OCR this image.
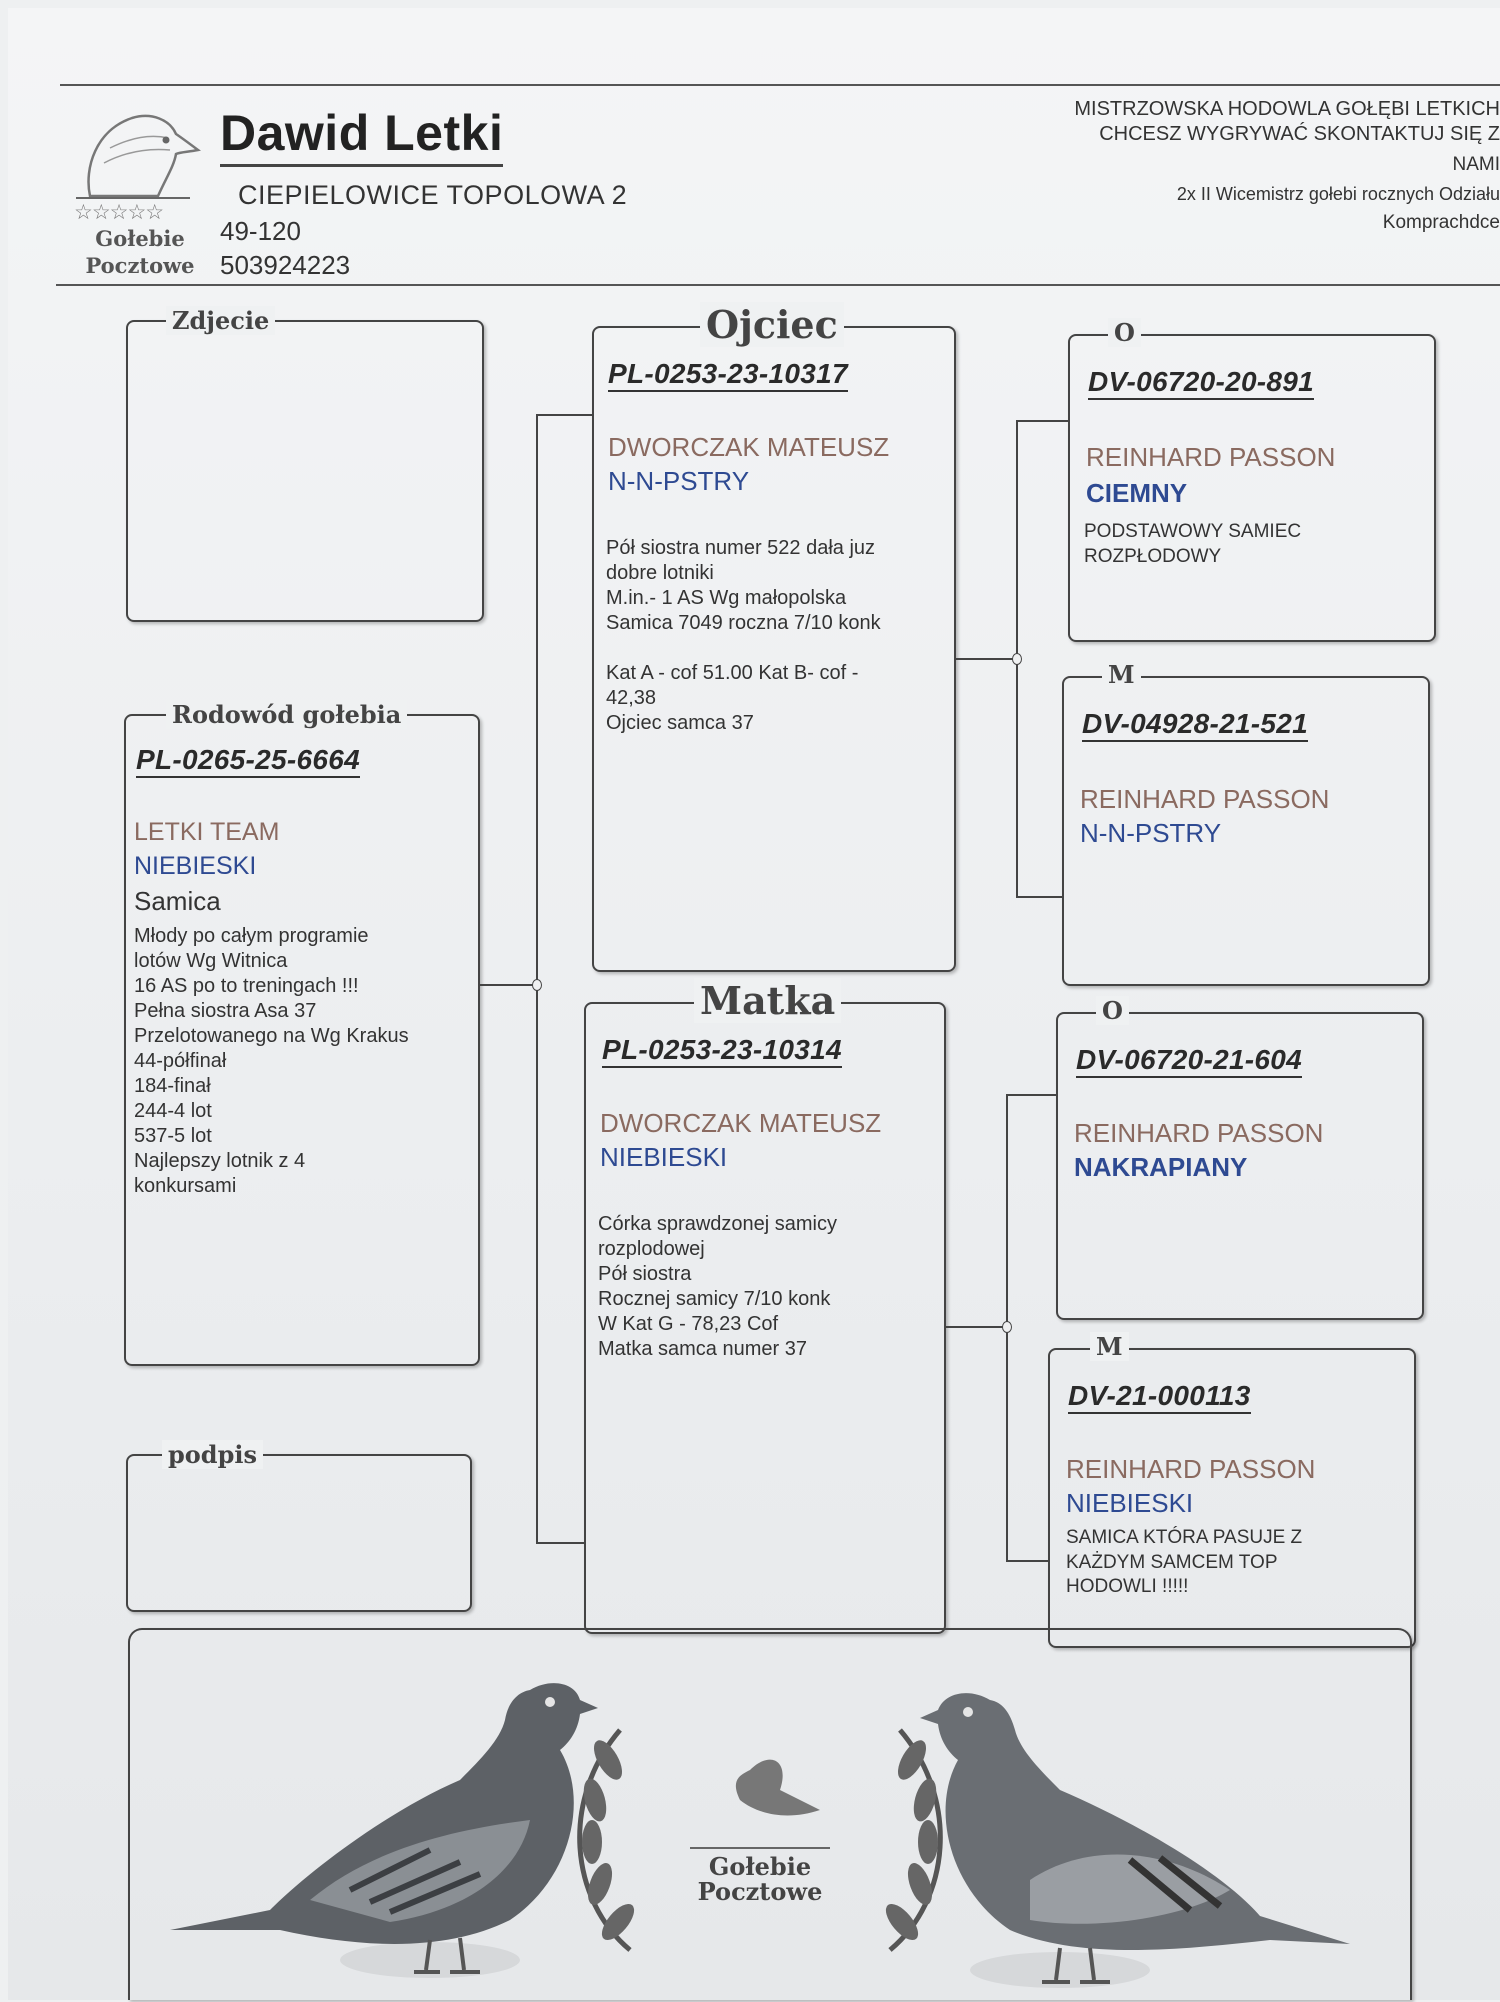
☆☆☆☆☆
Gołebie
Pocztowe
Dawid Letki
CIEPIELOWICE TOPOLOWA 2
49-120
503924223
MISTRZOWSKA HODOWLA GOŁĘBI LETKICH
CHCESZ WYGRYWAĆ SKONTAKTUJ SIĘ Z
NAMI
2x II Wicemistrz gołebi rocznych Odziału
Komprachdce
Zdjecie
Rodowód gołebia
PL-0265-25-6664
LETKI TEAM
NIEBIESKI
Samica
Młody po całym programie
lotów Wg Witnica
16 AS po to treningach !!!
Pełna siostra Asa 37
Przelotowanego na Wg Krakus
44-półfinał
184-finał
244-4 lot
537-5 lot
Najlepszy lotnik z 4
konkursami
podpis
Ojciec
PL-0253-23-10317
DWORCZAK MATEUSZ
N-N-PSTRY
Pół siostra numer 522 dała juz
dobre lotniki
M.in.- 1 AS Wg małopolska
Samica 7049 roczna 7/10 konk
Kat A - cof 51.00 Kat B- cof -
42,38
Ojciec samca 37
Matka
PL-0253-23-10314
DWORCZAK MATEUSZ
NIEBIESKI
Córka sprawdzonej samicy
rozplodowej
Pół siostra
Rocznej samicy 7/10 konk
W Kat G - 78,23 Cof
Matka samca numer 37
O
DV-06720-20-891
REINHARD PASSON
CIEMNY
PODSTAWOWY SAMIEC
ROZPŁODOWY
M
DV-04928-21-521
REINHARD PASSON
N-N-PSTRY
O
DV-06720-21-604
REINHARD PASSON
NAKRAPIANY
M
DV-21-000113
REINHARD PASSON
NIEBIESKI
SAMICA KTÓRA PASUJE Z
KAŻDYM SAMCEM TOP
HODOWLI !!!!!
Gołebie
Pocztowe
